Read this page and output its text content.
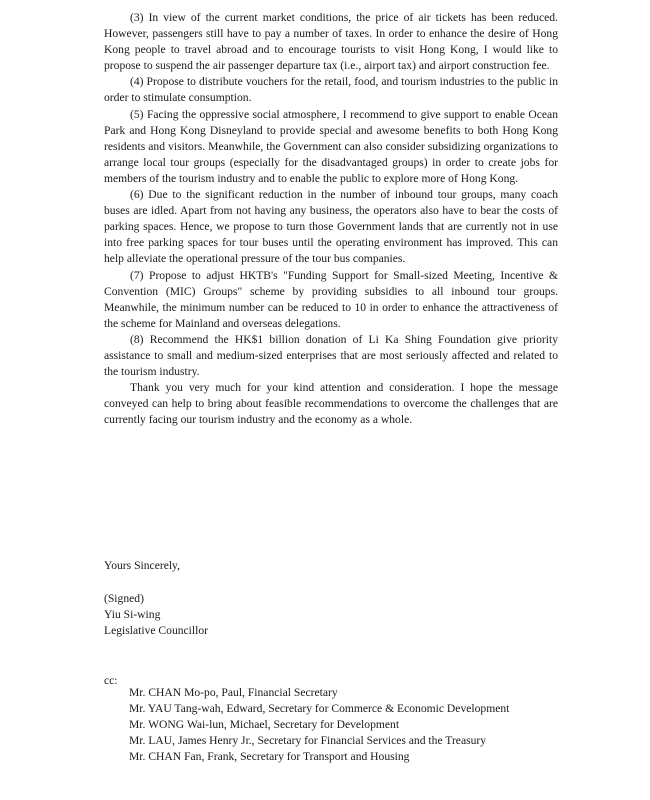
(3) In view of the current market conditions, the price of air tickets has been reduced. However, passengers still have to pay a number of taxes. In order to enhance the desire of Hong Kong people to travel abroad and to encourage tourists to visit Hong Kong, I would like to propose to suspend the air passenger departure tax (i.e., airport tax) and airport construction fee.

(4) Propose to distribute vouchers for the retail, food, and tourism industries to the public in order to stimulate consumption.

(5) Facing the oppressive social atmosphere, I recommend to give support to enable Ocean Park and Hong Kong Disneyland to provide special and awesome benefits to both Hong Kong residents and visitors. Meanwhile, the Government can also consider subsidizing organizations to arrange local tour groups (especially for the disadvantaged groups) in order to create jobs for members of the tourism industry and to enable the public to explore more of Hong Kong.

(6) Due to the significant reduction in the number of inbound tour groups, many coach buses are idled. Apart from not having any business, the operators also have to bear the costs of parking spaces. Hence, we propose to turn those Government lands that are currently not in use into free parking spaces for tour buses until the operating environment has improved. This can help alleviate the operational pressure of the tour bus companies.

(7) Propose to adjust HKTB's "Funding Support for Small-sized Meeting, Incentive & Convention (MIC) Groups" scheme by providing subsidies to all inbound tour groups. Meanwhile, the minimum number can be reduced to 10 in order to enhance the attractiveness of the scheme for Mainland and overseas delegations.

(8) Recommend the HK$1 billion donation of Li Ka Shing Foundation give priority assistance to small and medium-sized enterprises that are most seriously affected and related to the tourism industry.

Thank you very much for your kind attention and consideration. I hope the message conveyed can help to bring about feasible recommendations to overcome the challenges that are currently facing our tourism industry and the economy as a whole.

Yours Sincerely,
(Signed)
Yiu Si-wing
Legislative Councillor
cc:
Mr. CHAN Mo-po, Paul, Financial Secretary
Mr. YAU Tang-wah, Edward, Secretary for Commerce & Economic Development
Mr. WONG Wai-lun, Michael, Secretary for Development
Mr. LAU, James Henry Jr., Secretary for Financial Services and the Treasury
Mr. CHAN Fan, Frank, Secretary for Transport and Housing
